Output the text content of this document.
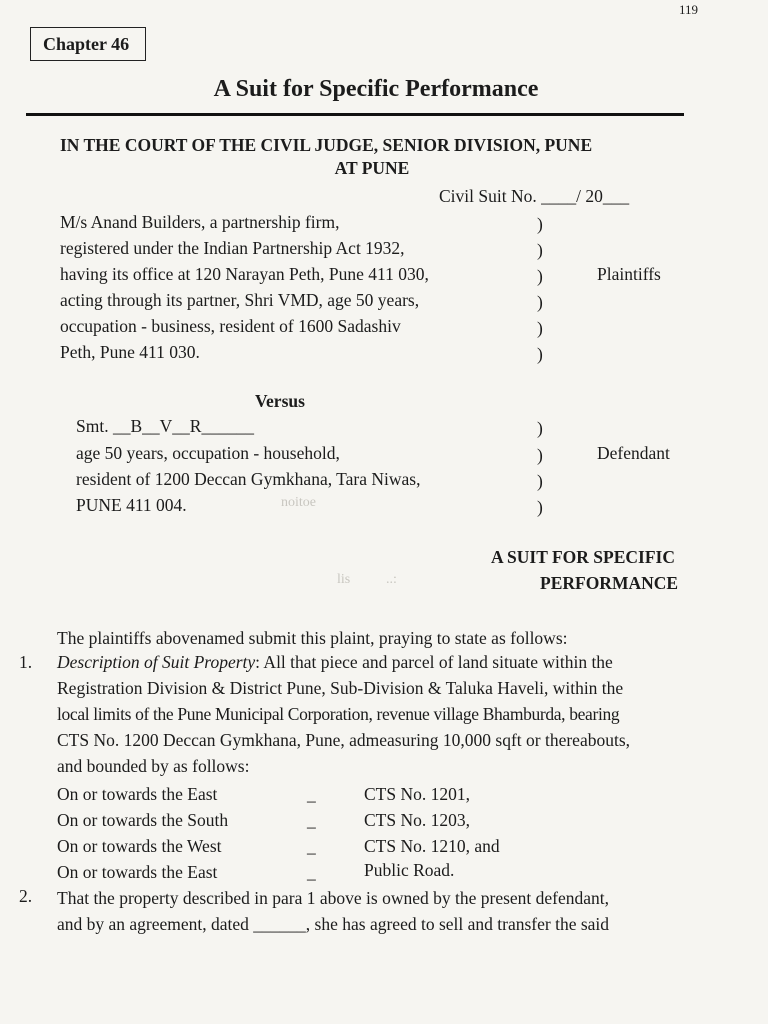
119
Chapter 46
A Suit for Specific Performance
IN THE COURT OF THE CIVIL JUDGE, SENIOR DIVISION, PUNE
AT PUNE
Civil Suit No. ____/ 20___
M/s Anand Builders, a partnership firm,
registered under the Indian Partnership Act 1932,
having its office at 120 Narayan Peth, Pune 411 030,
acting through its partner, Shri VMD, age 50 years,
occupation - business, resident of 1600 Sadashiv
Peth, Pune 411 030.
)
)
)
)
)
)
Plaintiffs
Versus
Smt. __B__V__R______
age 50 years, occupation - household,
resident of 1200 Deccan Gymkhana, Tara Niwas,
PUNE 411 004.
)
)
)
)
Defendant
noitoe
lis	..:
A SUIT FOR SPECIFIC
PERFORMANCE
The plaintiffs abovenamed submit this plaint, praying to state as follows:
1. Description of Suit Property: All that piece and parcel of land situate within the
Registration Division & District Pune, Sub-Division & Taluka Haveli, within the
local limits of the Pune Municipal Corporation, revenue village Bhamburda, bearing
CTS No. 1200 Deccan Gymkhana, Pune, admeasuring 10,000 sqft or thereabouts,
and bounded by as follows:
On or towards the East	_	CTS No. 1201,
On or towards the South	_	CTS No. 1203,
On or towards the West	_	CTS No. 1210, and
On or towards the East	_	Public Road.
2. That the property described in para 1 above is owned by the present defendant,
and by an agreement, dated ______, she has agreed to sell and transfer the said
